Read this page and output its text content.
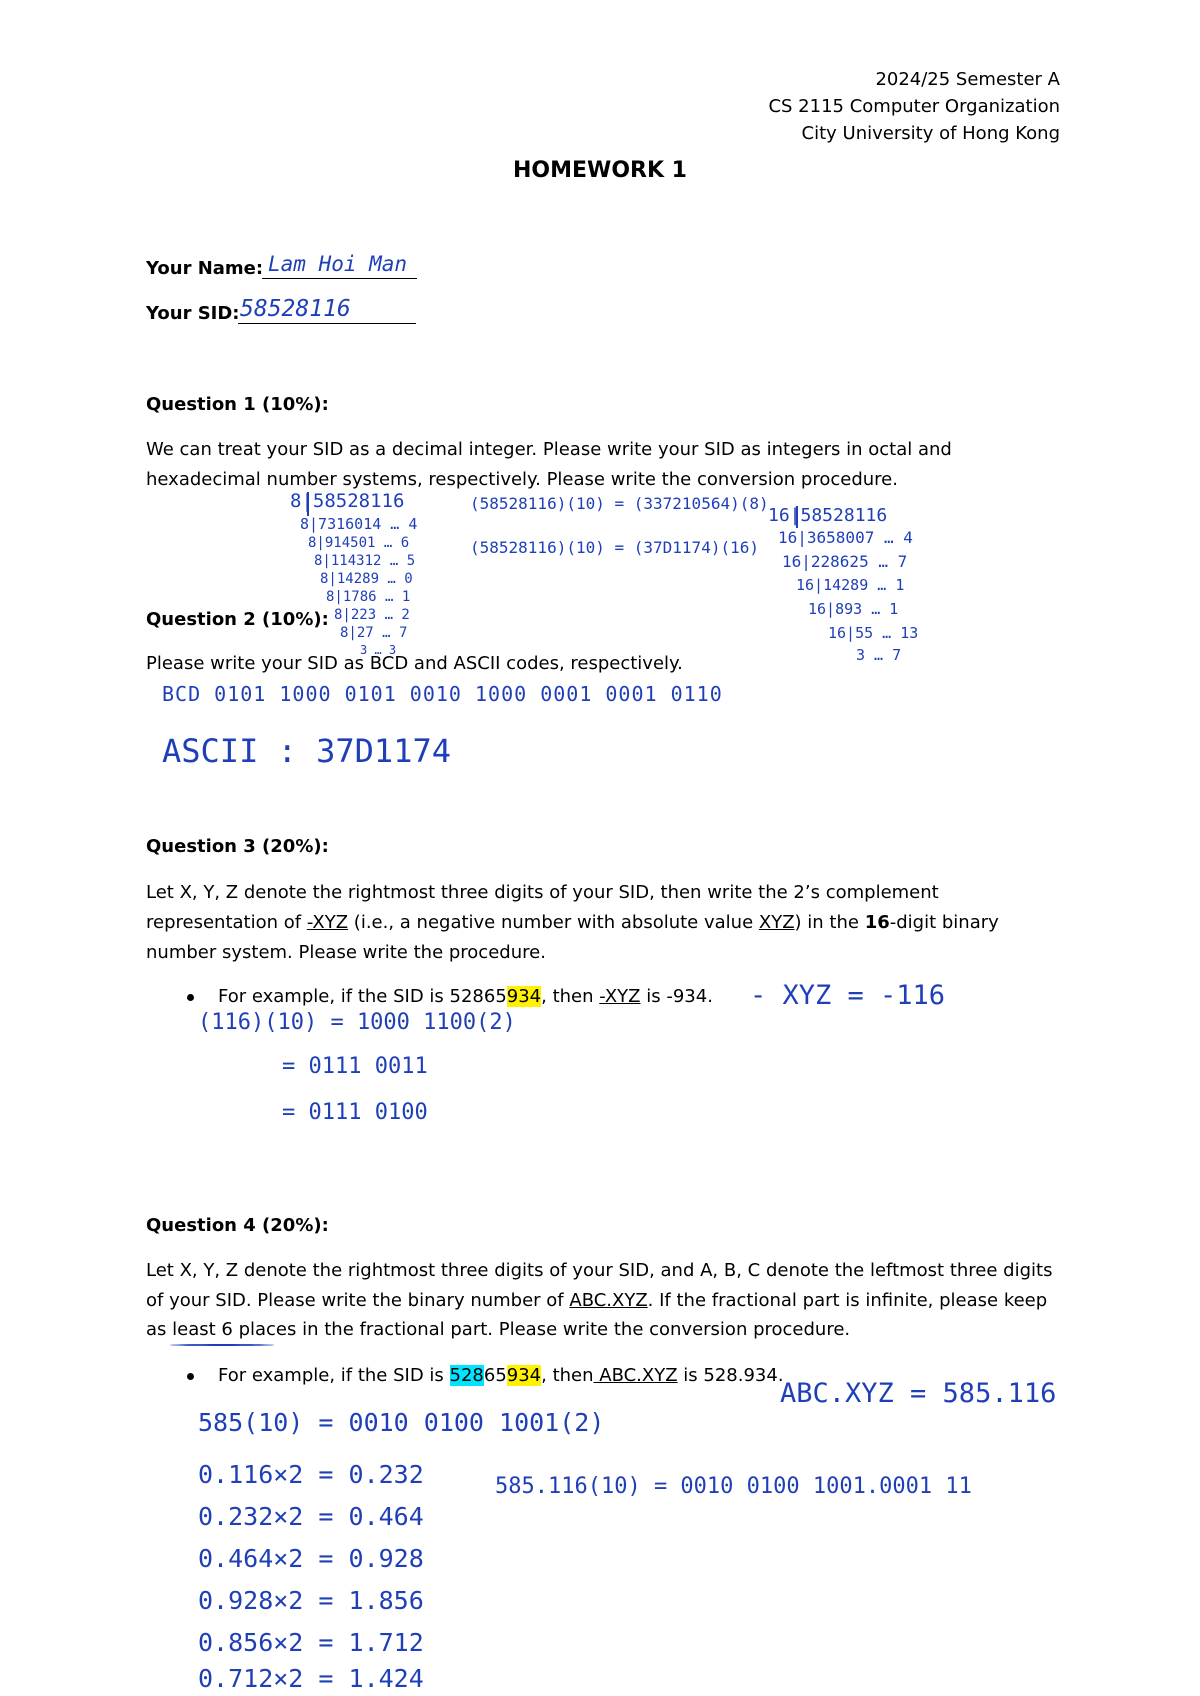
2024/25 Semester A
CS 2115 Computer Organization
City University of Hong Kong
HOMEWORK 1
Your Name: Lam Hoi Man
Your SID: 58528116
Question 1 (10%):
We can treat your SID as a decimal integer. Please write your SID as integers in octal and
hexadecimal number systems, respectively. Please write the conversion procedure.
8|58528116
8|7316014 … 4
8|914501 … 6
8|114312 … 5
8|14289 … 0
8|1786 … 1
8|223 … 2
8|27 … 7
3 … 3
(58528116)(10) = (337210564)(8)
(58528116)(10) = (37D1174)(16)
16|58528116
16|3658007 … 4
16|228625 … 7
16|14289 … 1
16|893 … 1
16|55 … 13
3 … 7
Question 2 (10%):
Please write your SID as BCD and ASCII codes, respectively.
BCD 0101 1000 0101 0010 1000 0001 0001 0110
ASCII : 37D1174
Question 3 (20%):
Let X, Y, Z denote the rightmost three digits of your SID, then write the 2’s complement
representation of -XYZ (i.e., a negative number with absolute value XYZ) in the 16-digit binary
number system. Please write the procedure.
For example, if the SID is 52865934, then -XYZ is -934. - XYZ = -116
(116)(10) = 1000 1100(2)
= 0111 0011
= 0111 0100
Question 4 (20%):
Let X, Y, Z denote the rightmost three digits of your SID, and A, B, C denote the leftmost three digits
of your SID. Please write the binary number of ABC.XYZ. If the fractional part is infinite, please keep
as least 6 places in the fractional part. Please write the conversion procedure.
For example, if the SID is 52865934, then ABC.XYZ is 528.934.
ABC.XYZ = 585.116
585(10) = 0010 0100 1001(2)
0.116×2 = 0.232
0.232×2 = 0.464
0.464×2 = 0.928
0.928×2 = 1.856
0.856×2 = 1.712
0.712×2 = 1.424
585.116(10) = 0010 0100 1001.0001 11
